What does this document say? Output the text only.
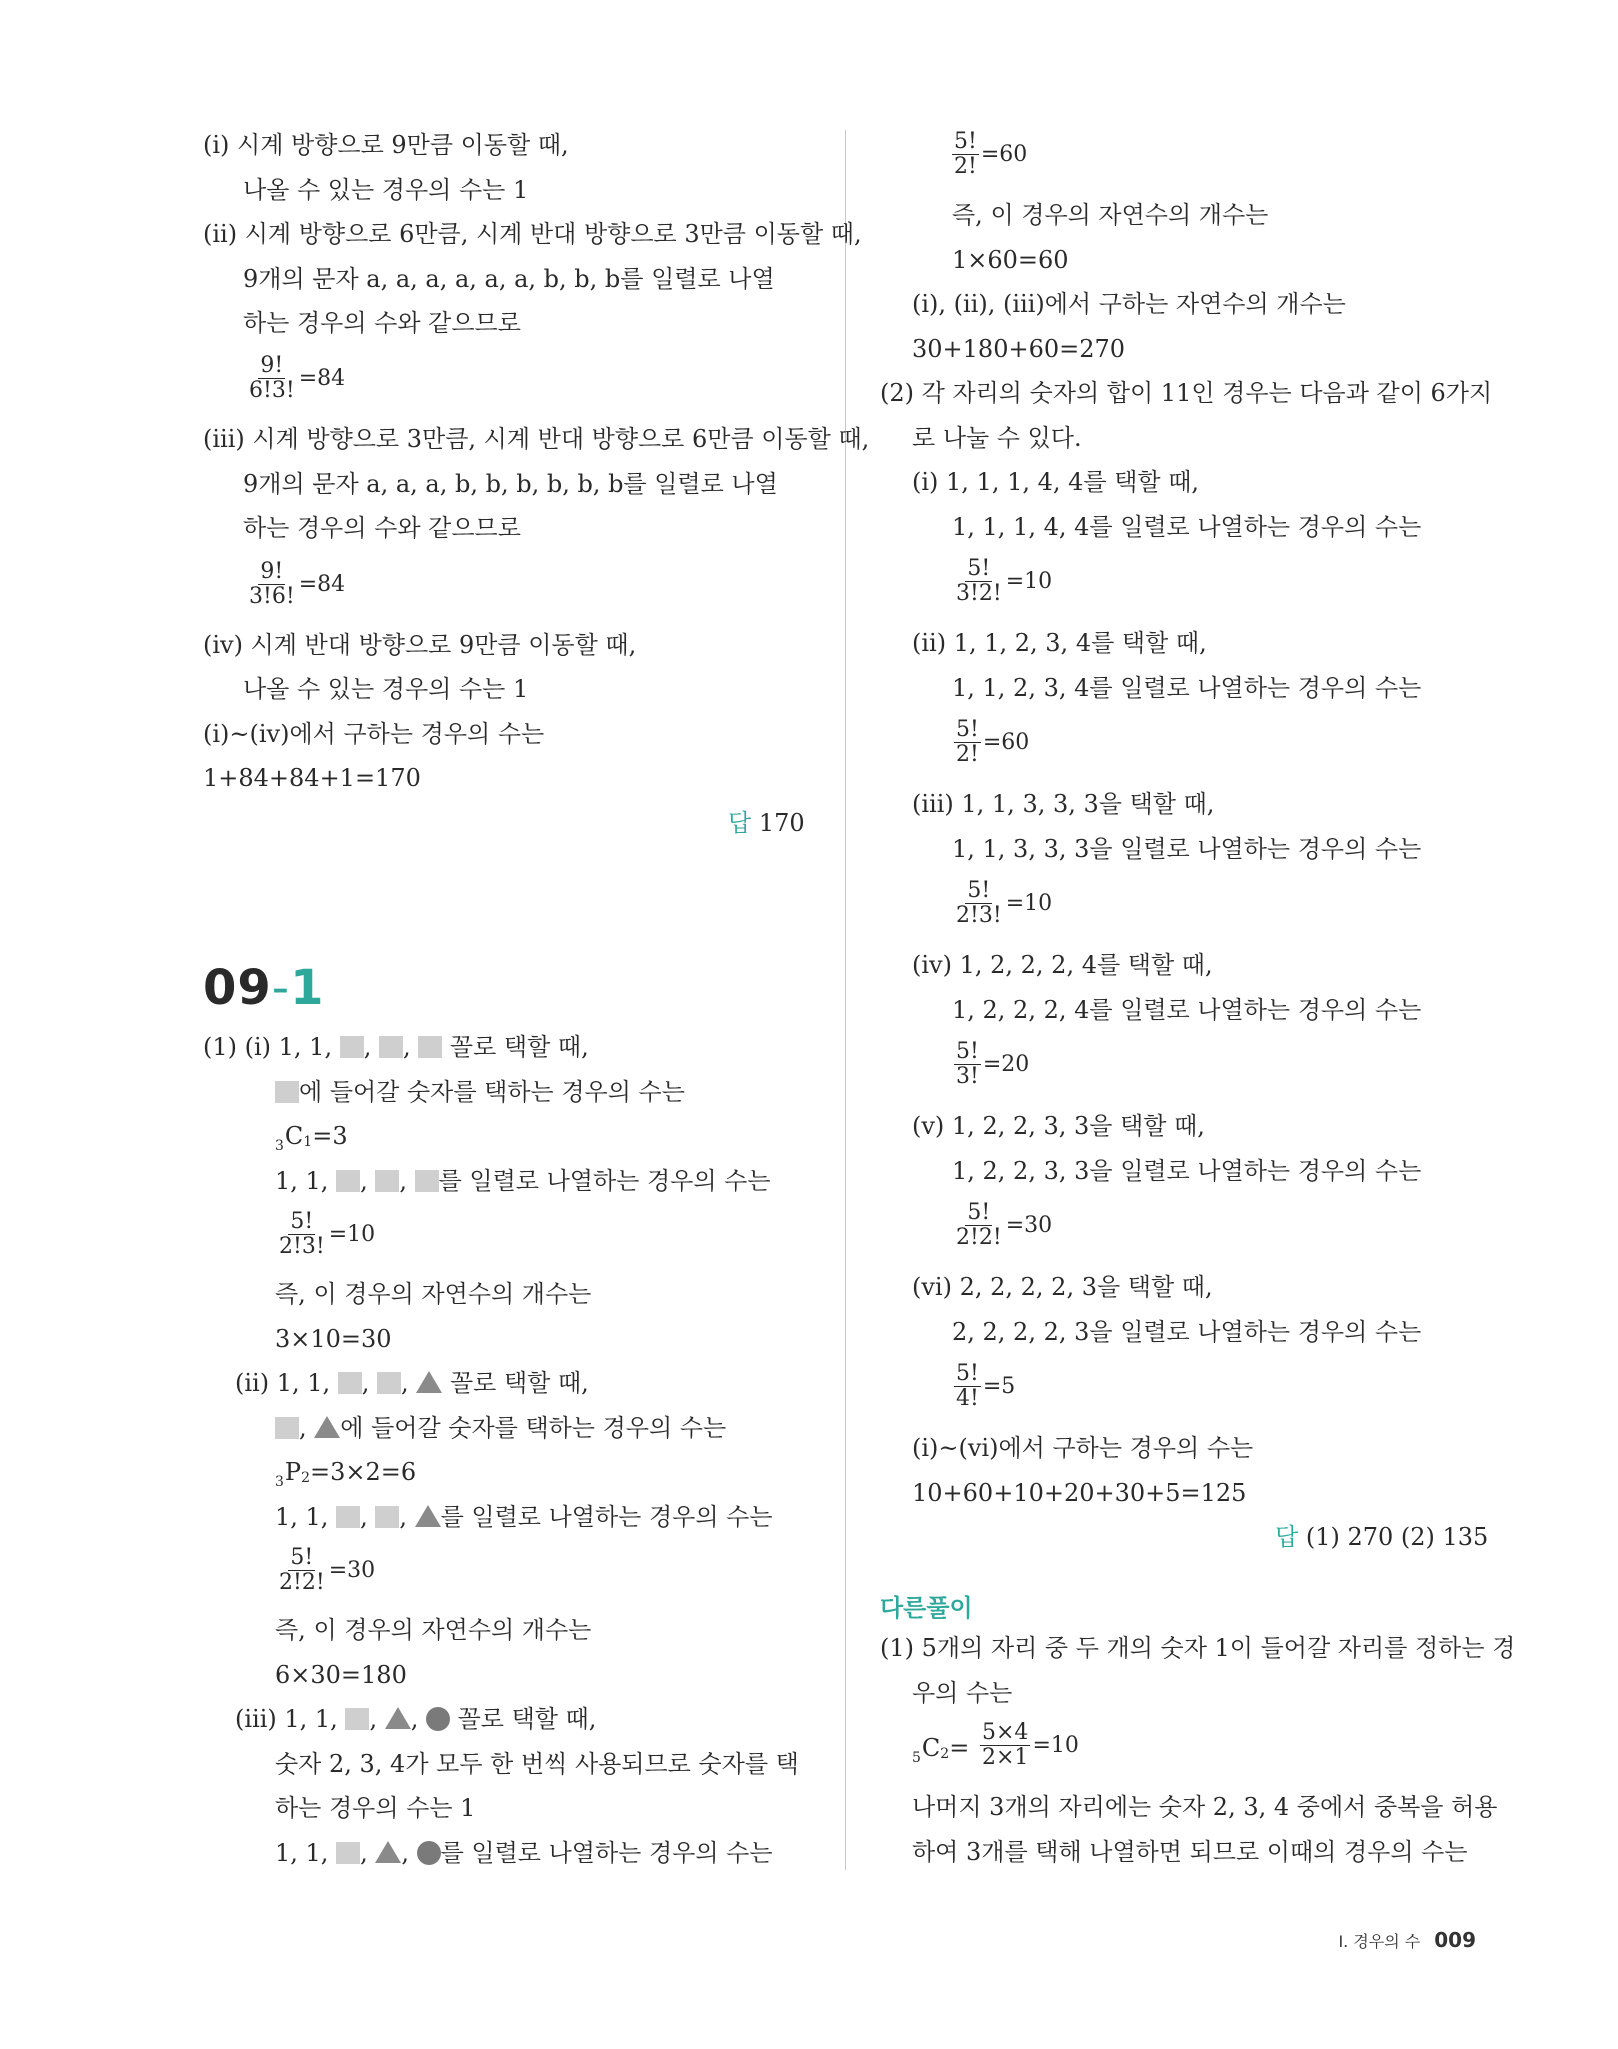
(ⅰ) 시계 방향으로 9만큼 이동할 때,
나올 수 있는 경우의 수는 1
(ⅱ) 시계 방향으로 6만큼, 시계 반대 방향으로 3만큼 이동할 때,
9개의 문자 a, a, a, a, a, a, b, b, b를 일렬로 나열
하는 경우의 수와 같으므로
$\frac{9!}{6!3!} =84$
(ⅲ) 시계 방향으로 3만큼, 시계 반대 방향으로 6만큼 이동할 때,
9개의 문자 a, a, a, b, b, b, b, b, b를 일렬로 나열
하는 경우의 수와 같으므로
$\frac{9!}{3!6!} =84$
(ⅳ) 시계 반대 방향으로 9만큼 이동할 때,
나올 수 있는 경우의 수는 1
(ⅰ)~(ⅳ)에서 구하는 경우의 수는
1+84+84+1=170
답 170
09-1
(1) (ⅰ) 1, 1, , ,  꼴로 택할 때,
에 들어갈 숫자를 택하는 경우의 수는
$_3C_1=3$
1, 1, , , 를 일렬로 나열하는 경우의 수는
$\frac{5!}{2!3!} =10$
즉, 이 경우의 자연수의 개수는
3×10=30
(ⅱ) 1, 1, , ,  꼴로 택할 때,
, 에 들어갈 숫자를 택하는 경우의 수는
$_3P_2=3\times 2=6$
1, 1, , , 를 일렬로 나열하는 경우의 수는
$\frac{5!}{2!2!} =30$
즉, 이 경우의 자연수의 개수는
6×30=180
(ⅲ) 1, 1, , ,  꼴로 택할 때,
숫자 2, 3, 4가 모두 한 번씩 사용되므로 숫자를 택
하는 경우의 수는 1
1, 1, , , 를 일렬로 나열하는 경우의 수는
$\frac{5!}{2!} =60$
즉, 이 경우의 자연수의 개수는
1×60=60
(ⅰ), (ⅱ), (ⅲ)에서 구하는 자연수의 개수는
30+180+60=270
(2) 각 자리의 숫자의 합이 11인 경우는 다음과 같이 6가지
로 나눌 수 있다.
(ⅰ) 1, 1, 1, 4, 4를 택할 때,
1, 1, 1, 4, 4를 일렬로 나열하는 경우의 수는
$\frac{5!}{3!2!} =10$
(ⅱ) 1, 1, 2, 3, 4를 택할 때,
1, 1, 2, 3, 4를 일렬로 나열하는 경우의 수는
$\frac{5!}{2!} =60$
(ⅲ) 1, 1, 3, 3, 3을 택할 때,
1, 1, 3, 3, 3을 일렬로 나열하는 경우의 수는
$\frac{5!}{2!3!} =10$
(ⅳ) 1, 2, 2, 2, 4를 택할 때,
1, 2, 2, 2, 4를 일렬로 나열하는 경우의 수는
$\frac{5!}{3!} =20$
(ⅴ) 1, 2, 2, 3, 3을 택할 때,
1, 2, 2, 3, 3을 일렬로 나열하는 경우의 수는
$\frac{5!}{2!2!} =30$
(ⅵ) 2, 2, 2, 2, 3을 택할 때,
2, 2, 2, 2, 3을 일렬로 나열하는 경우의 수는
$\frac{5!}{4!} =5$
(ⅰ)~(ⅵ)에서 구하는 경우의 수는
10+60+10+20+30+5=125
답 (1) 270 (2) 135
다른풀이
(1) 5개의 자리 중 두 개의 숫자 1이 들어갈 자리를 정하는 경
우의 수는
$_5C_2= \frac{5\times 4}{2\times 1} =10$
나머지 3개의 자리에는 숫자 2, 3, 4 중에서 중복을 허용
하여 3개를 택해 나열하면 되므로 이때의 경우의 수는
Ⅰ. 경우의 수 009
